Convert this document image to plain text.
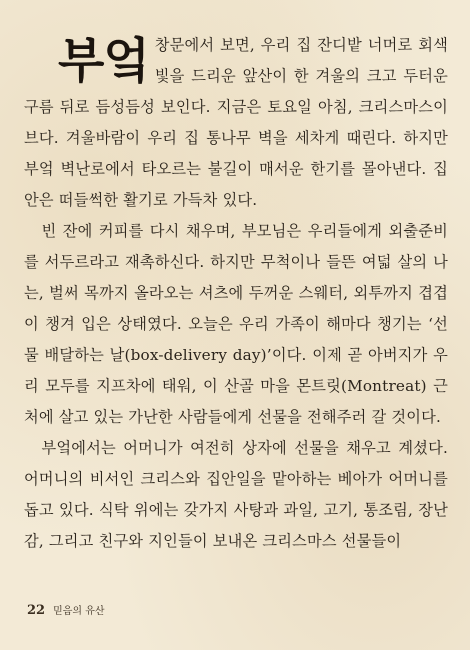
부엌 창문에서 보면, 우리 집 잔디밭 너머로 회색빛을 드리운 앞산이 한 겨울의 크고 두터운 구름 뒤로 듬성듬성 보인다. 지금은 토요일 아침, 크리스마스이브다. 겨울바람이 우리 집 통나무 벽을 세차게 때린다. 하지만 부엌 벽난로에서 타오르는 불길이 매서운 한기를 몰아낸다. 집 안은 떠들썩한 활기로 가득차 있다.

빈 잔에 커피를 다시 채우며, 부모님은 우리들에게 외출준비를 서두르라고 재촉하신다. 하지만 무척이나 들뜬 여덟 살의 나는, 벌써 목까지 올라오는 셔츠에 두꺼운 스웨터, 외투까지 겹겹이 챙겨 입은 상태였다. 오늘은 우리 가족이 해마다 챙기는 ‘선물 배달하는 날(box-delivery day)’이다. 이제 곧 아버지가 우리 모두를 지프차에 태워, 이 산골 마을 몬트릿(Montreat) 근처에 살고 있는 가난한 사람들에게 선물을 전해주러 갈 것이다.

부엌에서는 어머니가 여전히 상자에 선물을 채우고 계셨다. 어머니의 비서인 크리스와 집안일을 맡아하는 베아가 어머니를 돕고 있다. 식탁 위에는 갖가지 사탕과 과일, 고기, 통조림, 장난감, 그리고 친구와 지인들이 보내온 크리스마스 선물들이

22 믿음의 유산
